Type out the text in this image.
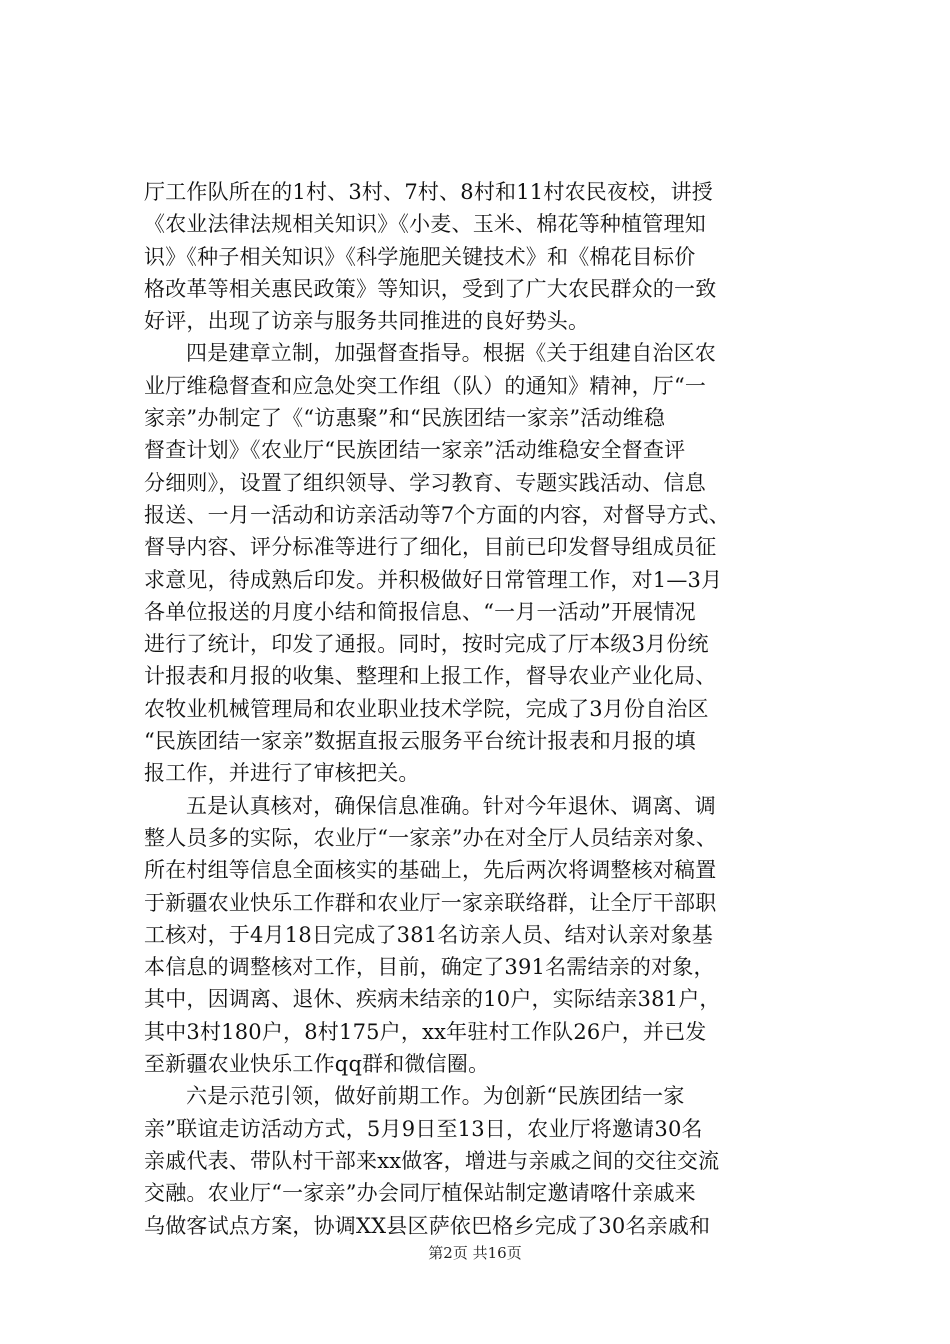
厅工作队所在的1村、3村、7村、8村和11村农民夜校，讲授
《农业法律法规相关知识》《小麦、玉米、棉花等种植管理知
识》《种子相关知识》《科学施肥关键技术》和《棉花目标价
格改革等相关惠民政策》等知识，受到了广大农民群众的一致
好评，出现了访亲与服务共同推进的良好势头。
四是建章立制，加强督查指导。根据《关于组建自治区农
业厅维稳督查和应急处突工作组（队）的通知》精神，厅“一
家亲”办制定了《“访惠聚”和“民族团结一家亲”活动维稳
督查计划》《农业厅“民族团结一家亲”活动维稳安全督查评
分细则》，设置了组织领导、学习教育、专题实践活动、信息
报送、一月一活动和访亲活动等7个方面的内容，对督导方式、
督导内容、评分标准等进行了细化，目前已印发督导组成员征
求意见，待成熟后印发。并积极做好日常管理工作，对1—3月
各单位报送的月度小结和简报信息、“一月一活动”开展情况
进行了统计，印发了通报。同时，按时完成了厅本级3月份统
计报表和月报的收集、整理和上报工作，督导农业产业化局、
农牧业机械管理局和农业职业技术学院，完成了3月份自治区
“民族团结一家亲”数据直报云服务平台统计报表和月报的填
报工作，并进行了审核把关。
五是认真核对，确保信息准确。针对今年退休、调离、调
整人员多的实际，农业厅“一家亲”办在对全厅人员结亲对象、
所在村组等信息全面核实的基础上，先后两次将调整核对稿置
于新疆农业快乐工作群和农业厅一家亲联络群，让全厅干部职
工核对，于4月18日完成了381名访亲人员、结对认亲对象基
本信息的调整核对工作，目前，确定了391名需结亲的对象，
其中，因调离、退休、疾病未结亲的10户，实际结亲381户，
其中3村180户，8村175户，xx年驻村工作队26户，并已发
至新疆农业快乐工作qq群和微信圈。
六是示范引领，做好前期工作。为创新“民族团结一家
亲”联谊走访活动方式，5月9日至13日，农业厅将邀请30名
亲戚代表、带队村干部来xx做客，增进与亲戚之间的交往交流
交融。农业厅“一家亲”办会同厅植保站制定邀请喀什亲戚来
乌做客试点方案，协调XX县区萨依巴格乡完成了30名亲戚和
第2页 共16页
